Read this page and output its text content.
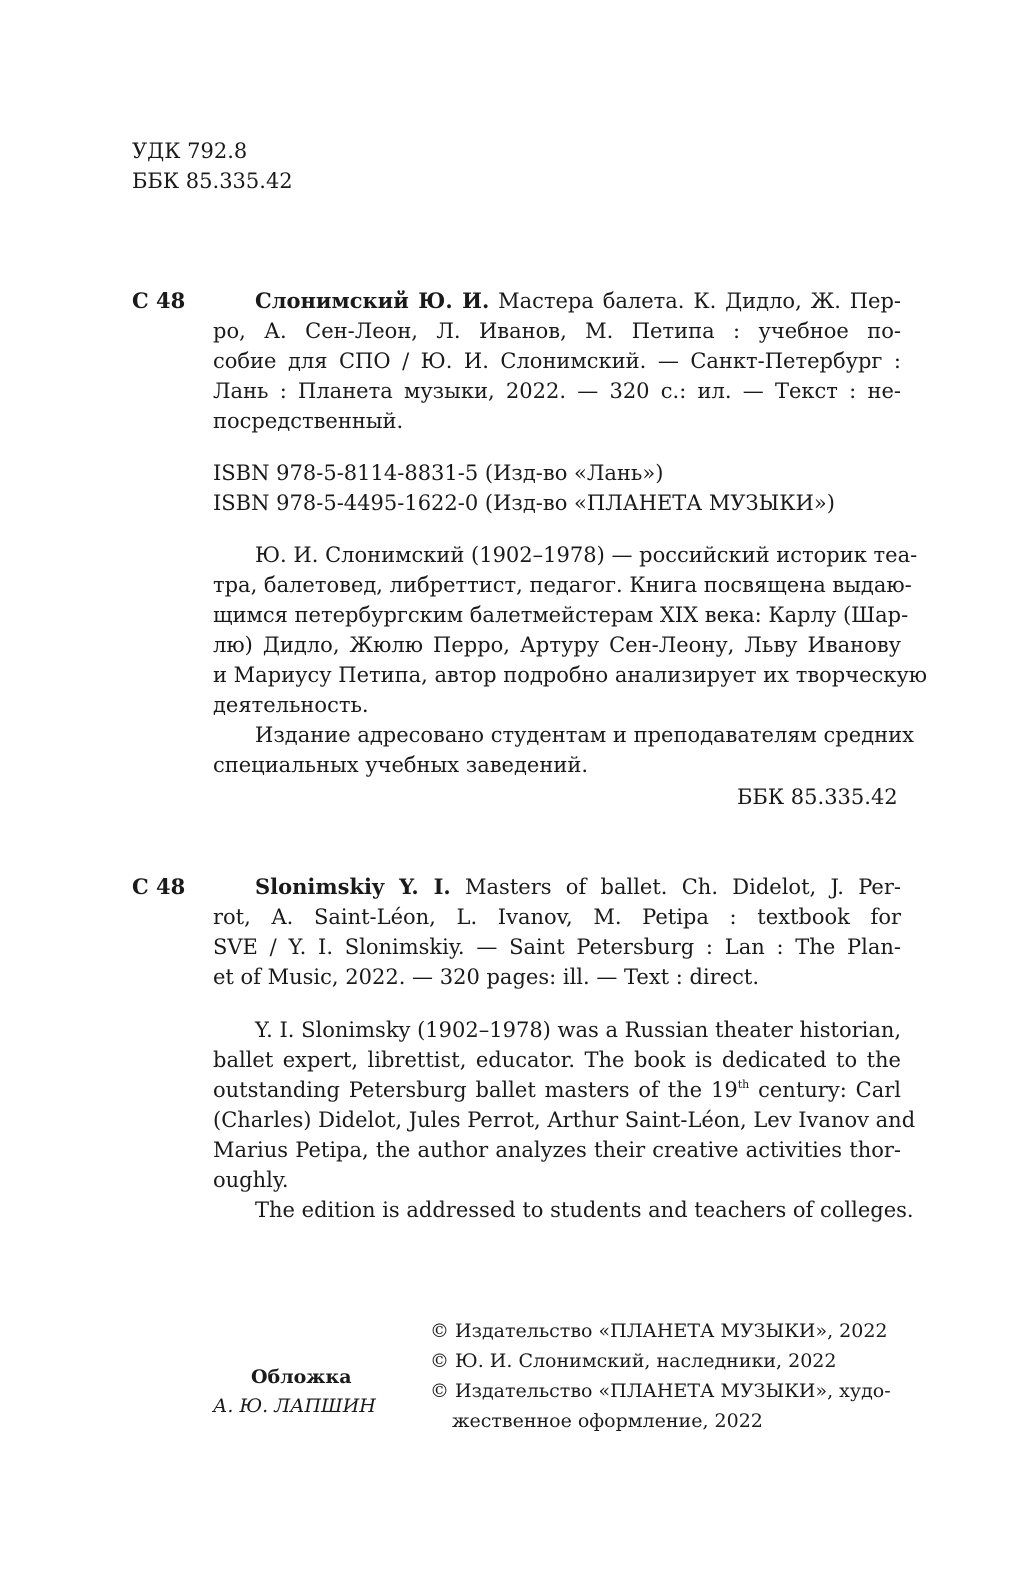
УДК 792.8
ББК 85.335.42
С 48	Слонимский Ю. И. Мастера балета. К. Дидло, Ж. Пер-
ро, А. Сен-Леон, Л. Иванов, М. Петипа : учебное по-
собие для СПО / Ю. И. Слонимский. — Санкт-Петербург :
Лань : Планета музыки, 2022. — 320 с.: ил. — Текст : не-
посредственный.
ISBN 978-5-8114-8831-5 (Изд-во «Лань»)
ISBN 978-5-4495-1622-0 (Изд-во «ПЛАНЕТА МУЗЫКИ»)
Ю. И. Слонимский (1902–1978) — российский историк теа-
тра, балетовед, либреттист, педагог. Книга посвящена выдаю-
щимся петербургским балетмейстерам XIX века: Карлу (Шар-
лю) Дидло, Жюлю Перро, Артуру Сен-Леону, Льву Иванову
и Мариусу Петипа, автор подробно анализирует их творческую
деятельность.
Издание адресовано студентам и преподавателям средних
специальных учебных заведений.
ББК 85.335.42
С 48	Slonimskiy Y. I. Masters of ballet. Ch. Didelot, J. Per-
rot, A. Saint-Léon, L. Ivanov, M. Petipa : textbook for
SVE / Y. I. Slonimskiy. — Saint Petersburg : Lan : The Plan-
et of Music, 2022. — 320 pages: ill. — Text : direct.
Y. I. Slonimsky (1902–1978) was a Russian theater historian,
ballet expert, librettist, educator. The book is dedicated to the
outstanding Petersburg ballet masters of the 19th century: Carl
(Charles) Didelot, Jules Perrot, Arthur Saint-Léon, Lev Ivanov and
Marius Petipa, the author analyzes their creative activities thor-
oughly.
The edition is addressed to students and teachers of colleges.
Обложка
А. Ю. ЛАПШИН
© Издательство «ПЛАНЕТА МУЗЫКИ», 2022
© Ю. И. Слонимский, наследники, 2022
© Издательство «ПЛАНЕТА МУЗЫКИ», худо-
жественное оформление, 2022
